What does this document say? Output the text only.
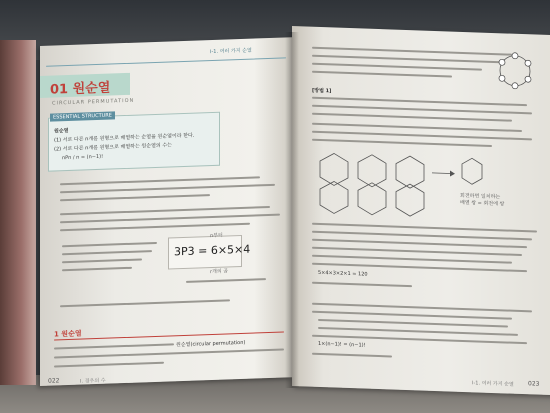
Ⅰ-1. 여러 가지 순열
01 원순열
CIRCULAR PERMUTATION
ESSENTIAL STRUCTURE
원순열
(1) 서로 다른 n개를 원형으로 배열하는 순열을 원순열이라 한다.
(2) 서로 다른 n개를 원형으로 배열하는 원순열의 수는
nPn / n = (n−1)!
3P3 = 6×5×4
n부터
r개의 곱
1 원순열
원순열(circular permutation)
022	Ⅰ. 경우의 수
[방법 1]
회전하면 일치하는
배열 쌍 = 회전에 쌍
5×4×3×2×1 = 120
1×(n−1)! = (n−1)!
Ⅰ-1. 여러 가지 순열 023
